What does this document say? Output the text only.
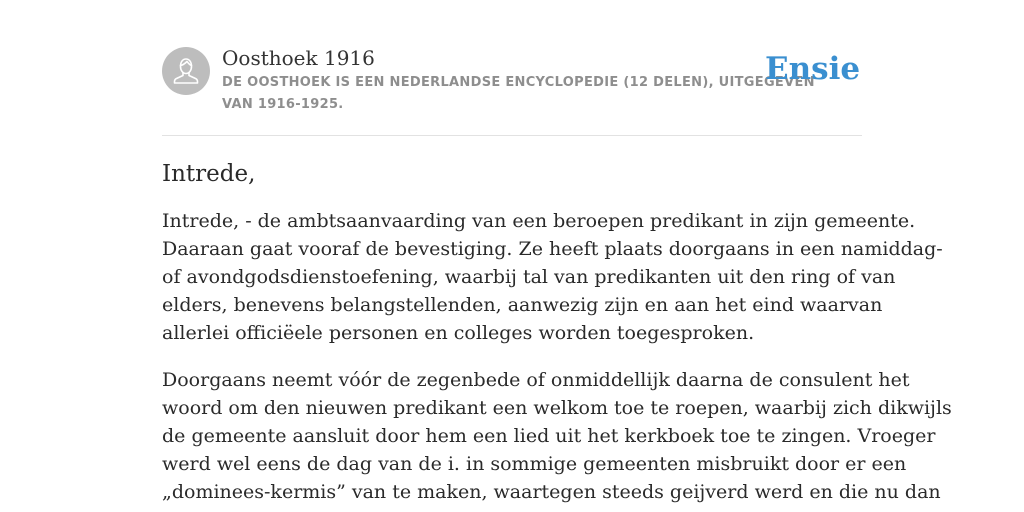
Oosthoek 1916
DE OOSTHOEK IS EEN NEDERLANDSE ENCYCLOPEDIE (12 DELEN), UITGEGEVEN
VAN 1916-1925.
Ensie
Intrede,

Intrede, - de ambtsaanvaarding van een beroepen predikant in zijn gemeente.
Daaraan gaat vooraf de bevestiging. Ze heeft plaats doorgaans in een namiddag-
of avondgodsdienstoefening, waarbij tal van predikanten uit den ring of van
elders, benevens belangstellenden, aanwezig zijn en aan het eind waarvan
allerlei officiëele personen en colleges worden toegesproken.

Doorgaans neemt vóór de zegenbede of onmiddellijk daarna de consulent het
woord om den nieuwen predikant een welkom toe te roepen, waarbij zich dikwijls
de gemeente aansluit door hem een lied uit het kerkboek toe te zingen. Vroeger
werd wel eens de dag van de i. in sommige gemeenten misbruikt door er een
„dominees-kermis” van te maken, waartegen steeds geijverd werd en die nu dan
